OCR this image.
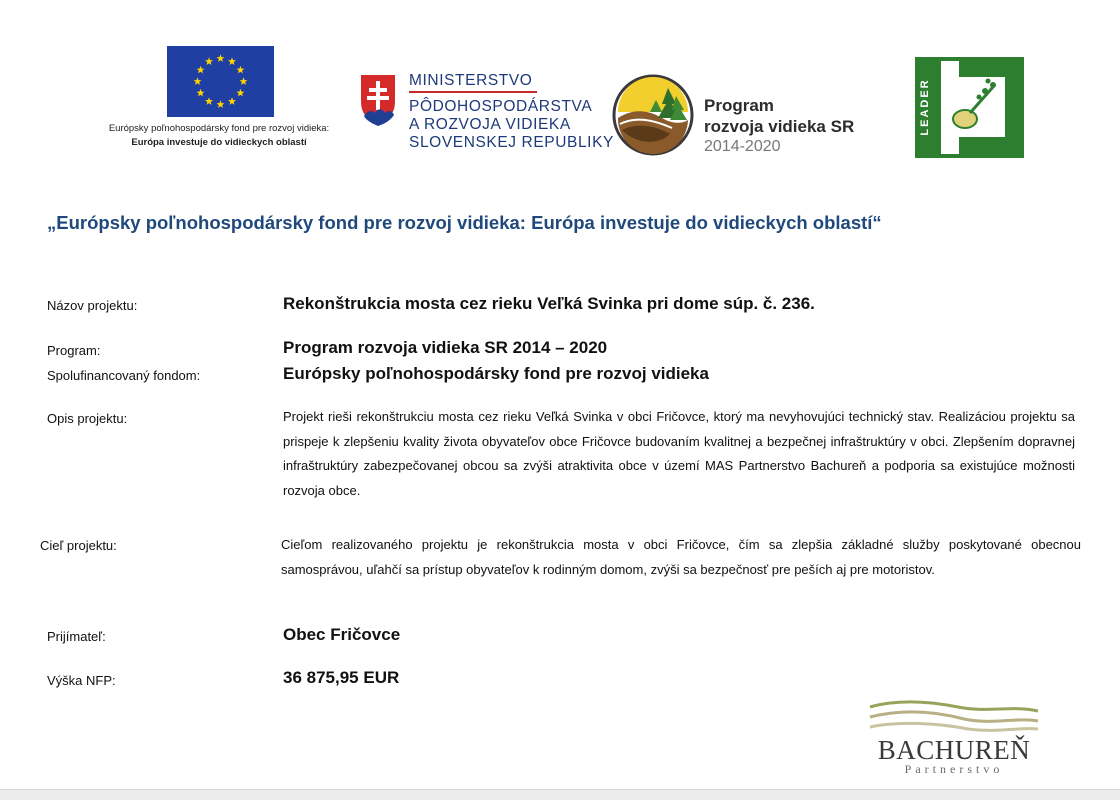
Európsky poľnohospodársky fond pre rozvoj vidieka:
Európa investuje do vidieckych oblastí
MINISTERSTVO
PÔDOHOSPODÁRSTVA
A ROZVOJA VIDIEKA
SLOVENSKEJ REPUBLIKY
Program
rozvoja vidieka SR
2014-2020
LEADER
„Európsky poľnohospodársky fond pre rozvoj vidieka: Európa investuje do vidieckych oblastí“
Názov projektu:	Rekonštrukcia mosta cez rieku Veľká Svinka pri dome súp. č. 236.
Program:	Program rozvoja vidieka SR 2014 – 2020
Spolufinancovaný fondom:	Európsky poľnohospodársky fond pre rozvoj vidieka
Opis projektu:	Projekt rieši rekonštrukciu mosta cez rieku Veľká Svinka v obci Fričovce, ktorý ma nevyhovujúci technický stav. Realizáciou projektu sa prispeje k zlepšeniu kvality života obyvateľov obce Fričovce budovaním kvalitnej a bezpečnej infraštruktúry v obci. Zlepšením dopravnej infraštruktúry zabezpečovanej obcou sa zvýši atraktivita obce v území MAS Partnerstvo Bachureň a podporia sa existujúce možnosti rozvoja obce.
Cieľ projektu:	Cieľom realizovaného projektu je rekonštrukcia mosta v obci Fričovce, čím sa zlepšia základné služby poskytované obecnou samosprávou, uľahčí sa prístup obyvateľov k rodinným domom, zvýši sa bezpečnosť pre peších aj pre motoristov.
Prijímateľ:	Obec Fričovce
Výška NFP:	36 875,95 EUR
BACHUREŇ
Partnerstvo
